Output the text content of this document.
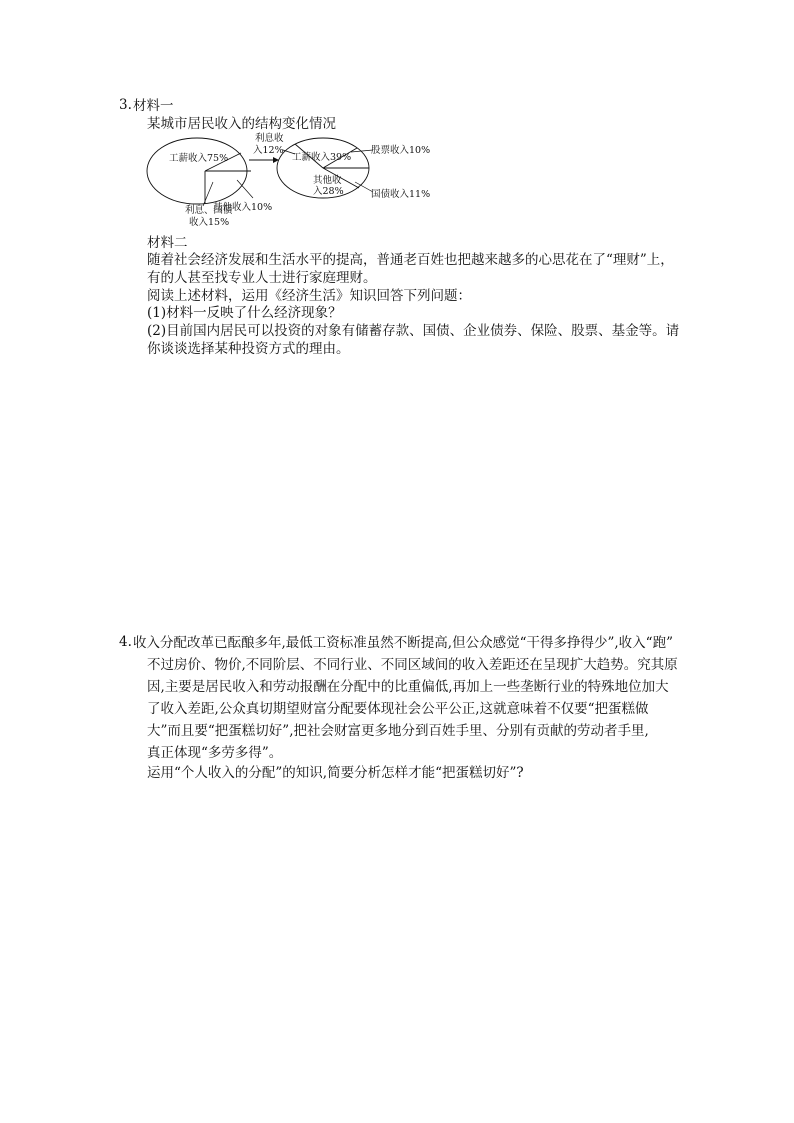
3. 材料一
某城市居民收入的结构变化情况
工薪收入75%
利息、国债
收入15%
其他收入10%
利息收
入12%
工薪收入39%
股票收入10%
其他收
入28%	国债收入11%
材料二
随着社会经济发展和生活水平的提高，普通老百姓也把越来越多的心思花在了“理财”上，
有的人甚至找专业人士进行家庭理财。
阅读上述材料，运用《经济生活》知识回答下列问题：
(1)材料一反映了什么经济现象？
(2)目前国内居民可以投资的对象有储蓄存款、国债、企业债券、保险、股票、基金等。请
你谈谈选择某种投资方式的理由。
4. 收入分配改革已酝酿多年,最低工资标准虽然不断提高,但公众感觉“干得多挣得少”,收入“跑”
不过房价、物价,不同阶层、不同行业、不同区域间的收入差距还在呈现扩大趋势。究其原
因,主要是居民收入和劳动报酬在分配中的比重偏低,再加上一些垄断行业的特殊地位加大
了收入差距,公众真切期望财富分配要体现社会公平公正,这就意味着不仅要“把蛋糕做
大”而且要“把蛋糕切好”,把社会财富更多地分到百姓手里、分别有贡献的劳动者手里,
真正体现“多劳多得”。
运用“个人收入的分配”的知识,简要分析怎样才能“把蛋糕切好”?
